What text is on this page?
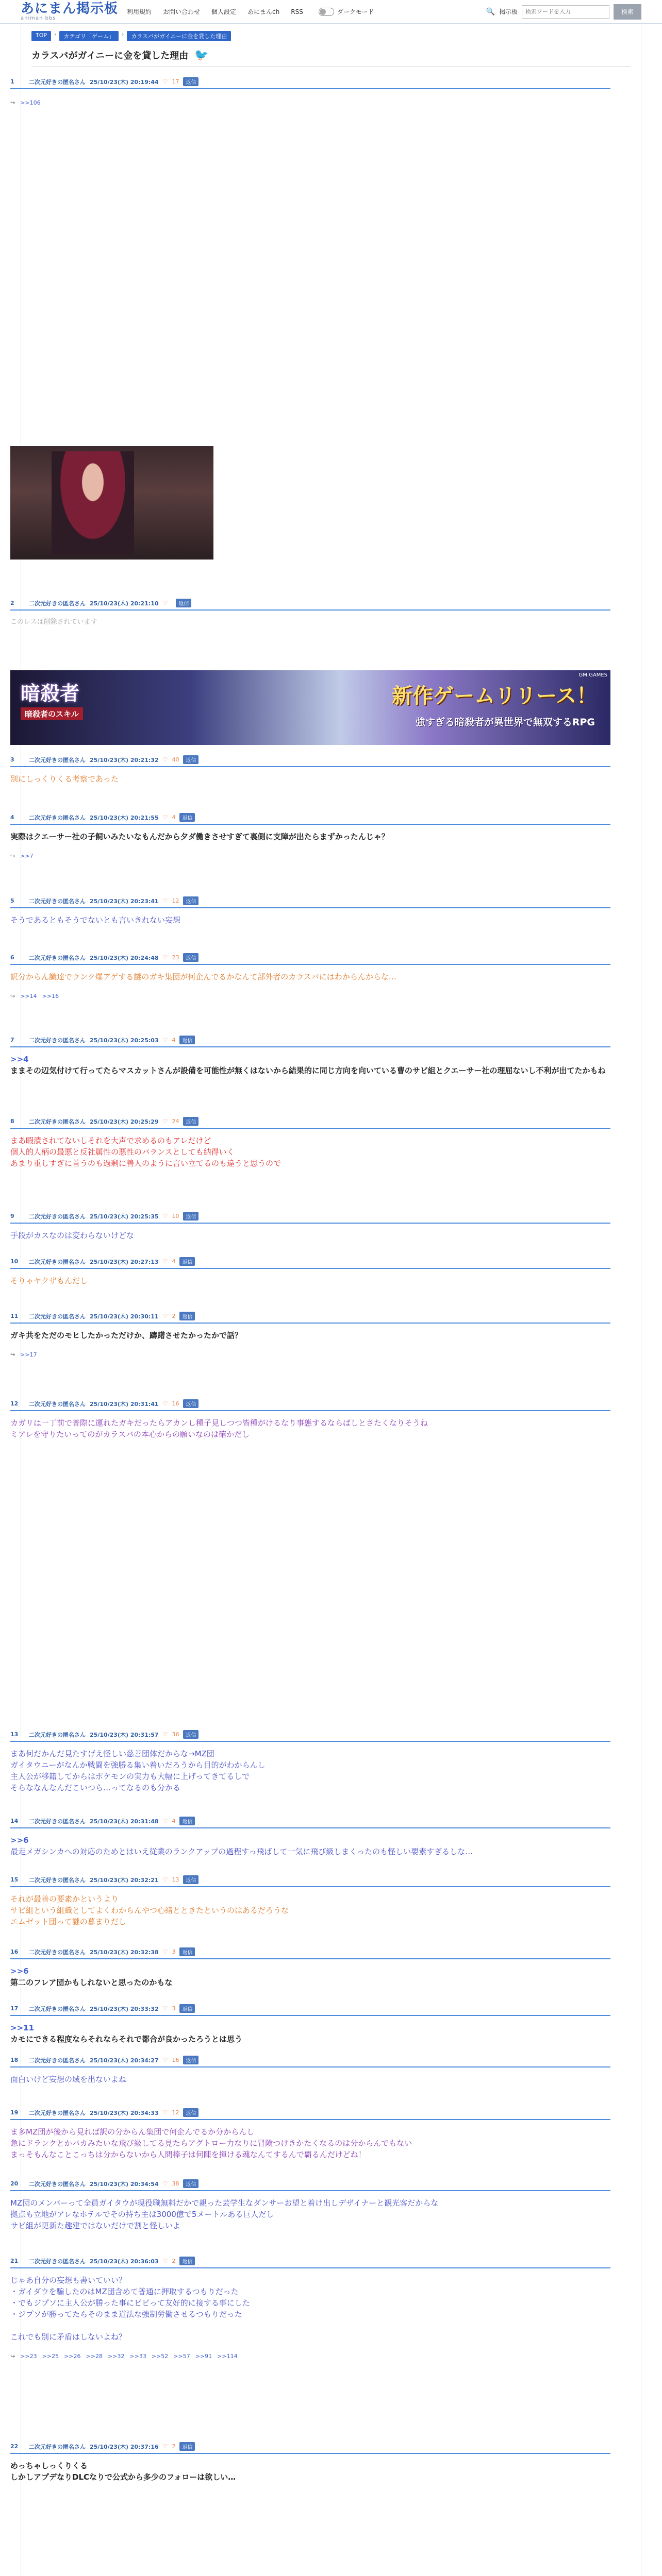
あにまん掲示板
animan bbs
利用規約 お問い合わせ 個人設定 あにまんch RSS	ダークモード	🔍 掲示板
検索ワードを入力	検索
TOP	›	カテゴリ「ゲーム」	›	カラスバがガイニーに金を貸した理由
カラスバがガイニーに金を貸した理由 🐦
暗殺者
暗殺者のスキル
新作ゲームリリース！
強すぎる暗殺者が異世界で無双するRPG
GM.GAMES
1	二次元好きの匿名さん 25/10/23(木) 20:19:44 ♡ 17	返信
↪ >>106
2	二次元好きの匿名さん 25/10/23(木) 20:21:10 ♡	返信
このレスは削除されています
3	二次元好きの匿名さん 25/10/23(木) 20:21:32 ♡ 40	返信
別にしっくりくる考察であった
4	二次元好きの匿名さん 25/10/23(木) 20:21:55 ♡ 4	返信
実際はクエーサー社の子飼いみたいなもんだから夕ダ働きさせすぎて裏側に支障が出たらまずかったんじゃ？
↪ >>7
5	二次元好きの匿名さん 25/10/23(木) 20:23:41 ♡ 12	返信
そうであるともそうでないとも言いきれない妄想
6	二次元好きの匿名さん 25/10/23(木) 20:24:48 ♡ 23	返信
訳分からん識達でランク爆アゲする謎のガキ集団が何企んでるかなんて部外者のカラスバにはわからんからな…
↪ >>14 >>16
7	二次元好きの匿名さん 25/10/23(木) 20:25:03 ♡ 4	返信
>>4
ままその辺気付けて行ってたらマスカットさんが設備を可能性が無くはないから結果的に同じ方向を向いている曹のサビ組とクエーサー社の理屈ないし不利が出てたかもね
8	二次元好きの匿名さん 25/10/23(木) 20:25:29 ♡ 24	返信
まあ暇潰されてないしそれを大声で求めるのもアレだけど
個人的人柄の最悪と反社属性の悪性のバランスとしても納得いく
あまり重しすぎに首うのも過剰に善人のように言い立てるのも違うと思うので
9	二次元好きの匿名さん 25/10/23(木) 20:25:35 ♡ 10	返信
手段がカスなのは変わらないけどな
10	二次元好きの匿名さん 25/10/23(木) 20:27:13 ♡ 4	返信
そりゃヤクザもんだし
11	二次元好きの匿名さん 25/10/23(木) 20:30:11 ♡ 2	返信
ガキ共をただのモヒしたかっただけか、躊躇させたかったかで話？
↪ >>17
12	二次元好きの匿名さん 25/10/23(木) 20:31:41 ♡ 16	返信
カガリは一丁前で普際に運れたガキだったらアカンし種子見しつつ皆種がけるなり事態するならばしとさたくなりそうね
ミアレを守りたいってのがカラスバの本心からの願いなのは確かだし
13	二次元好きの匿名さん 25/10/23(木) 20:31:57 ♡ 36	返信
まあ何だかんだ見たすげえ怪しい慈善団体だからな→MZ団
ガイタウニーがなんか戦闘を強勝る集い着いだろうから目的がわからんし
主人公が移籍してからはポケモンの実力も大幅に上げってきてるしで
そらななんなんだこいつら…ってなるのも分かる
14	二次元好きの匿名さん 25/10/23(木) 20:31:48 ♡ 4	返信
>>6
最走メガシンカへの対応のためとはいえ従業のランクアップの過程すっ飛ばして一気に飛び級しまくったのも怪しい要素すぎるしな…
15	二次元好きの匿名さん 25/10/23(木) 20:32:21 ♡ 13	返信
それが最善の要素かというより
サビ組という組織としてよくわからんやつ心緒とときたというのはあるだろうな
エムゼット団って謎の暮まりだし
16	二次元好きの匿名さん 25/10/23(木) 20:32:38 ♡ 3	返信
>>6
第二のフレア団かもしれないと思ったのかもな
17	二次元好きの匿名さん 25/10/23(木) 20:33:32 ♡ 3	返信
>>11
カモにできる程度ならそれならそれで都合が良かったろうとは思う
18	二次元好きの匿名さん 25/10/23(木) 20:34:27 ♡ 16	返信
面白いけど妄想の域を出ないよね
19	二次元好きの匿名さん 25/10/23(木) 20:34:33 ♡ 12	返信
ま多MZ団が後から見れば訳の分からん集団で何企んでるか分からんし
急にドランクとかバカみたいな飛び級してる見たらアグトロー力なりに冒険つけきかたくなるのは分からんでもない
まっそもんなことこっちは分からないから人間棒子は何陳を揮ける魂なんてするんで覇るんだけどね！
20	二次元好きの匿名さん 25/10/23(木) 20:34:54 ♡ 38	返信
MZ団のメンバーって全員ガイタウが現役職無料だかで親った芸学生なダンサーお望と着け出しデザイナーと観光客だからな
拠点も立地がアレなホテルでその持ち主は3000億で5メートルある巨人だし
サビ組が更新た趣建ではないだけで割と怪しいよ
21	二次元好きの匿名さん 25/10/23(木) 20:36:03 ♡ 2	返信
じゃあ自分の妄想も書いていい？
・ガイダウを騙したのはMZ団含めて普通に押取するつもりだった
・でもジプソに主人公が勝った事にビビって友好的に接する事にした
・ジプソが勝ってたらそのまま道法な強制労働させるつもりだった

これでも別に矛盾はしないよね？
↪ >>23 >>25 >>26 >>28 >>32 >>33 >>52 >>57 >>91 >>114
22	二次元好きの匿名さん 25/10/23(木) 20:37:16 ♡ 2	返信
めっちゃしっくりくる
しかしアプデなりDLCなりで公式から多少のフォローは欲しい…
